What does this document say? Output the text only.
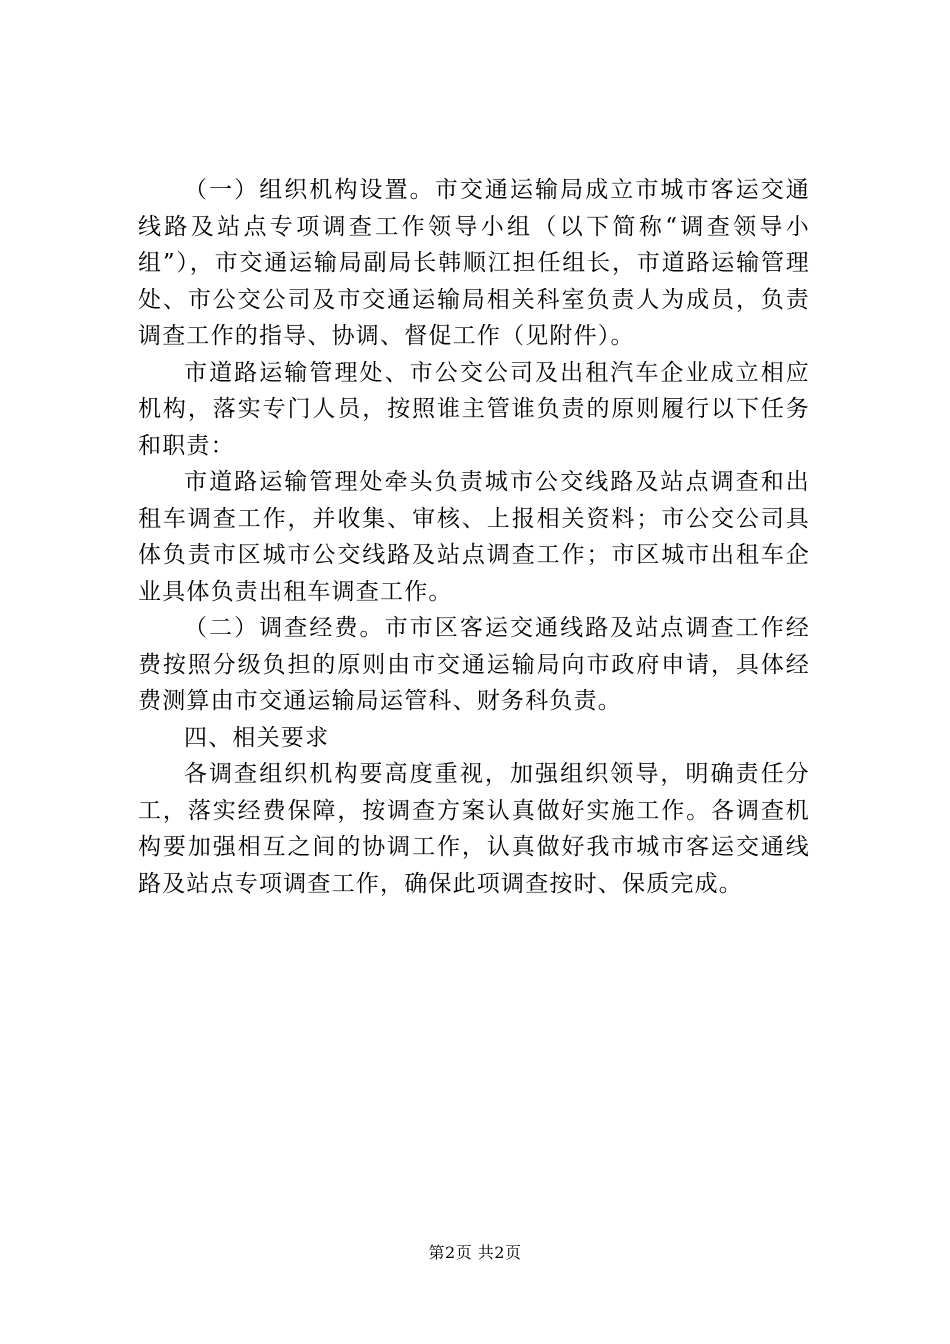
（一）组织机构设置。市交通运输局成立市城市客运交通线路及站点专项调查工作领导小组（以下简称“调查领导小组”），市交通运输局副局长韩顺江担任组长，市道路运输管理处、市公交公司及市交通运输局相关科室负责人为成员，负责调查工作的指导、协调、督促工作（见附件）。

市道路运输管理处、市公交公司及出租汽车企业成立相应机构，落实专门人员，按照谁主管谁负责的原则履行以下任务和职责：

市道路运输管理处牵头负责城市公交线路及站点调查和出租车调查工作，并收集、审核、上报相关资料；市公交公司具体负责市区城市公交线路及站点调查工作；市区城市出租车企业具体负责出租车调查工作。

（二）调查经费。市市区客运交通线路及站点调查工作经费按照分级负担的原则由市交通运输局向市政府申请，具体经费测算由市交通运输局运管科、财务科负责。

四、相关要求

各调查组织机构要高度重视，加强组织领导，明确责任分工，落实经费保障，按调查方案认真做好实施工作。各调查机构要加强相互之间的协调工作，认真做好我市城市客运交通线路及站点专项调查工作，确保此项调查按时、保质完成。

第2页 共2页
